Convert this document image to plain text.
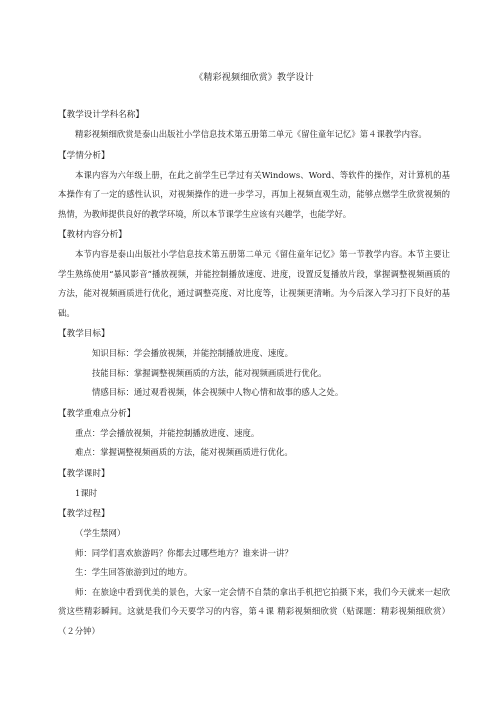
《精彩视频细欣赏》教学设计
【教学设计学科名称】

精彩视频细欣赏是泰山出版社小学信息技术第五册第二单元《留住童年记忆》第４课教学内容。

【学情分析】

本课内容为六年级上册，在此之前学生已学过有关Windows、Word、等软件的操作，对计算机的基本操作有了一定的感性认识，对视频操作的进一步学习，再加上视频直观生动，能够点燃学生欣赏视频的热情，为教师提供良好的教学环境，所以本节课学生应该有兴趣学，也能学好。

【教材内容分析】

本节内容是泰山出版社小学信息技术第五册第二单元《留住童年记忆》第一节教学内容。本节主要让学生熟练使用“暴风影音”播放视频，并能控制播放速度、进度，设置反复播放片段，掌握调整视频画质的方法，能对视频画质进行优化，通过调整亮度、对比度等，让视频更清晰。为今后深入学习打下良好的基础。

【教学目标】

知识目标：学会播放视频，并能控制播放进度、速度。

技能目标：掌握调整视频画质的方法，能对视频画质进行优化。

情感目标：通过观看视频，体会视频中人物心情和故事的感人之处。

【教学重难点分析】

重点：学会播放视频，并能控制播放进度、速度。

难点：掌握调整视频画质的方法，能对视频画质进行优化。

【教学课时】

1课时

【教学过程】

（学生禁网）

师：同学们喜欢旅游吗？你都去过哪些地方？谁来讲一讲？

生：学生回答旅游到过的地方。

师：在旅途中看到优美的景色，大家一定会情不自禁的拿出手机把它拍摄下来，我们今天就来一起欣赏这些精彩瞬间。这就是我们今天要学习的内容，第４课 精彩视频细欣赏（贴课题：精彩视频细欣赏）（２分钟）
